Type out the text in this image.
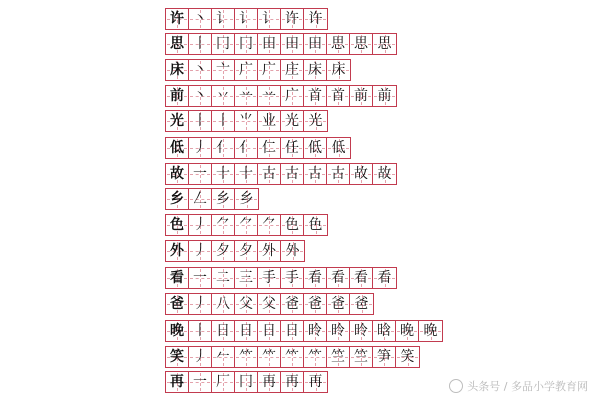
许 丶 讠 讠 讠 许 许
思 丨 冂 冂 田 田 田 思 思 思
床 丶 亠 广 广 庄 床 床
前 丶 丷 䒑 䒑 广 首 首 前 前
光 丨 丨 ⺌ 业 光 光
低 丿 亻 亻 仁 任 低 低
故 一 十 十 古 古 古 古 故 故
乡 𠃋 乡 乡
色 丿 ⺈ ⺈ ⺈ 色 色
外 丿 夕 夕 外 外
看 一 二 三 手 手 看 看 看 看
爸 丿 八 父 父 爸 爸 爸 爸
晚 丨 日 日 日 日 昤 昤 昤 晗 晚 晚
笑 丿 𠂉 ⺮ ⺮ ⺮ ⺮ 竺 竺 笋 笑
再 一 厂 冂 再 再 再	头条号 / 多品小学教育网
